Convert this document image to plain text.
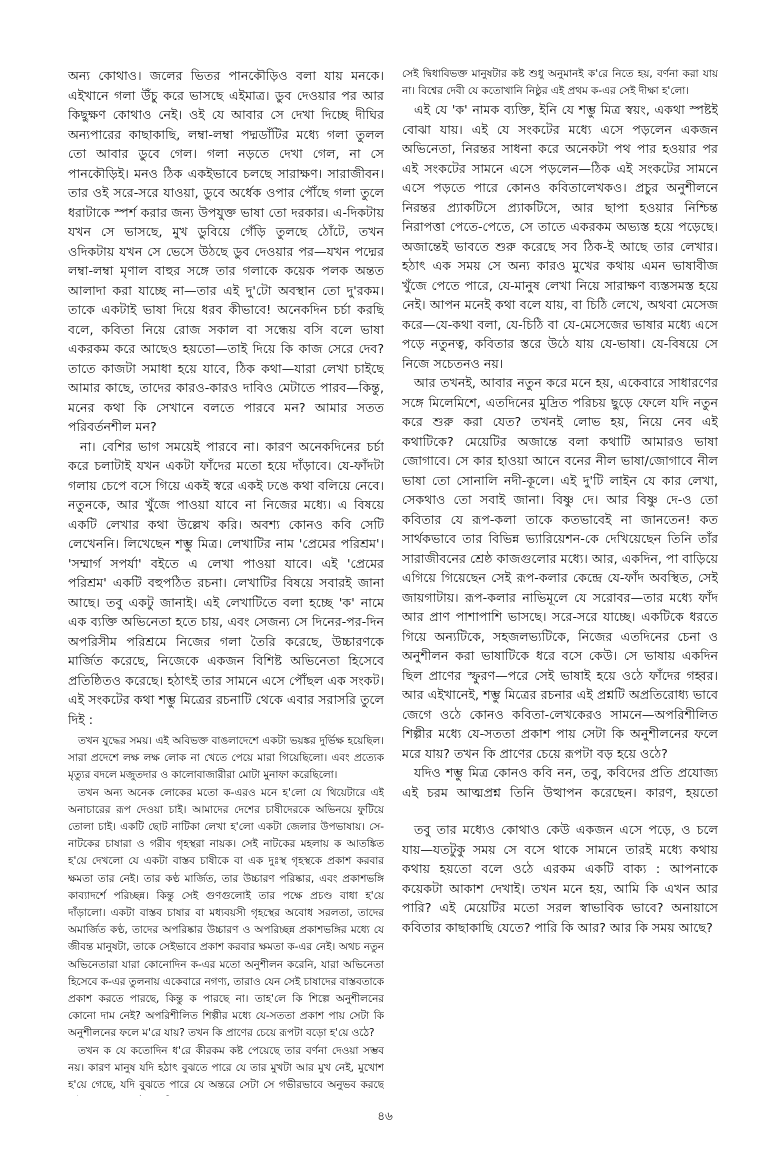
অন্য কোথাও। জলের ভিতর পানকৌড়িও বলা যায় মনকে। এইখানে গলা উঁচু করে ভাসছে এইমাত্র। ডুব দেওয়ার পর আর কিছুক্ষণ কোথাও নেই। ওই যে আবার সে দেখা দিচ্ছে দীঘির অন্যপারের কাছাকাছি, লম্বা-লম্বা পদ্মডাঁটির মধ্যে গলা তুলল তো আবার ডুবে গেল। গলা নড়তে দেখা গেল, না সে পানকৌড়িই। মনও ঠিক একইভাবে চলছে সারাক্ষণ। সারাজীবন। তার ওই সরে-সরে যাওয়া, ডুবে অর্ধেক ওপার পৌঁছে গলা তুলে ধরাটাকে স্পর্শ করার জন্য উপযুক্ত ভাষা তো দরকার। এ-দিকটায় যখন সে ভাসছে, মুখ ডুবিয়ে গেঁড়ি তুলছে ঠোঁটে, তখন ওদিকটায় যখন সে ভেসে উঠছে ডুব দেওয়ার পর—যখন পদ্মের লম্বা-লম্বা মৃণাল বাহুর সঙ্গে তার গলাকে কয়েক পলক অন্তত আলাদা করা যাচ্ছে না—তার এই দু'টো অবস্থান তো দু'রকম। তাকে একটাই ভাষা দিয়ে ধরব কীভাবে! অনেকদিন চর্চা করছি বলে, কবিতা নিয়ে রোজ সকাল বা সন্ধেয় বসি বলে ভাষা একরকম করে আছেও হয়তো—তাই দিয়ে কি কাজ সেরে দেব? তাতে কাজটা সমাধা হয়ে যাবে, ঠিক কথা—যারা লেখা চাইছে আমার কাছে, তাদের কারও-কারও দাবিও মেটাতে পারব—কিন্তু, মনের কথা কি সেখানে বলতে পারবে মন? আমার সতত পরিবর্তনশীল মন?

না। বেশির ভাগ সময়েই পারবে না। কারণ অনেকদিনের চর্চা করে চলাটাই যখন একটা ফাঁদের মতো হয়ে দাঁড়াবে। যে-ফাঁদটা গলায় চেপে বসে গিয়ে একই স্বরে একই ঢঙে কথা বলিয়ে নেবে। নতুনকে, আর খুঁজে পাওয়া যাবে না নিজের মধ্যে। এ বিষয়ে একটি লেখার কথা উল্লেখ করি। অবশ্য কোনও কবি সেটি লেখেননি। লিখেছেন শম্ভু মিত্র। লেখাটির নাম 'প্রেমের পরিশ্রম'। 'সম্মার্গ সপর্যা' বইতে এ লেখা পাওয়া যাবে। এই 'প্রেমের পরিশ্রম' একটি বহুপঠিত রচনা। লেখাটির বিষয়ে সবারই জানা আছে। তবু একটু জানাই। এই লেখাটিতে বলা হচ্ছে 'ক' নামে এক ব্যক্তি অভিনেতা হতে চায়, এবং সেজন্য সে দিনের-পর-দিন অপরিসীম পরিশ্রমে নিজের গলা তৈরি করেছে, উচ্চারণকে মার্জিত করেছে, নিজেকে একজন বিশিষ্ট অভিনেতা হিসেবে প্রতিষ্ঠিতও করেছে। হঠাৎই তার সামনে এসে পৌঁছল এক সংকট। এই সংকটের কথা শম্ভু মিত্রের রচনাটি থেকে এবার সরাসরি তুলে দিই :

তখন যুদ্ধের সময়। এই অবিভক্ত বাঙলাদেশে একটা ভয়ঙ্কর দুর্ভিক্ষ হয়েছিল। সারা প্রদেশে লক্ষ লক্ষ লোক না খেতে পেয়ে মারা গিয়েছিলো। এবং প্রত্যেক মৃত্যুর বদলে মজুতদার ও কালোবাজারীরা মোটা মুনাফা করেছিলো।

তখন অন্য অনেক লোকের মতো ক-এরও মনে হ'লো যে থিয়েটারে এই অনাচারের রূপ দেওয়া চাই। আমাদের দেশের চাষীদেরকে অভিনয়ে ফুটিয়ে তোলা চাই। একটি ছোট নাটিকা লেখা হ'লো একটা জেলার উপভাষায়। সে-নাটকের চাষারা ও গরীব গৃহস্থরা নায়ক। সেই নাটকের মহলায় ক আতঙ্কিত হ'য়ে দেখলো যে একটা বাস্তব চাষীকে বা এক দুঃস্থ গৃহস্থকে প্রকাশ করবার ক্ষমতা তার নেই। তার কণ্ঠ মার্জিত, তার উচ্চারণ পরিষ্কার, এবং প্রকাশভঙ্গি কাব্যাদর্শে পরিচ্ছন্ন। কিন্তু সেই গুণগুলোই তার পক্ষে প্রচণ্ড বাধা হ'য়ে দাঁড়ালো। একটা বাস্তব চাষার বা মধ্যবয়সী গৃহস্থের অবোধ সরলতা, তাদের অমার্জিত কণ্ঠ, তাদের অপরিষ্কার উচ্চারণ ও অপরিচ্ছন্ন প্রকাশভঙ্গির মধ্যে যে জীবন্ত মানুষটা, তাকে সেইভাবে প্রকাশ করবার ক্ষমতা ক-এর নেই। অথচ নতুন অভিনেতারা যারা কোনোদিন ক-এর মতো অনুশীলন করেনি, যারা অভিনেতা হিসেবে ক-এর তুলনায় একেবারে নগণ্য, তারাও যেন সেই চাষাদের বাস্তবতাকে প্রকাশ করতে পারছে, কিন্তু ক পারছে না। তাহ'লে কি শিল্পে অনুশীলনের কোনো দাম নেই? অপরিশীলিত শিল্পীর মধ্যে যে-সততা প্রকাশ পায় সেটা কি অনুশীলনের ফলে ম'রে যায়? তখন কি প্রাণের চেয়ে রূপটা বড়ো হ'য়ে ওঠে?

তখন ক যে কতোদিন ধ'রে কীরকম কষ্ট পেয়েছে তার বর্ণনা দেওয়া সম্ভব নয়। কারণ মানুষ যদি হঠাৎ বুঝতে পারে যে তার মুখটা আর মুখ নেই, মুখোশ হ'য়ে গেছে, যদি বুঝতে পারে যে অন্তরে সেটা সে গভীরভাবে অনুভব করছে

সেই দ্বিধাবিভক্ত মানুষটার কষ্ট শুধু অনুমানই ক'রে নিতে হয়, বর্ণনা করা যায় না। বিশ্বের দেবী যে কতোখানি নিষ্ঠুর এই প্রথম ক-এর সেই দীক্ষা হ'লো।

এই যে 'ক' নামক ব্যক্তি, ইনি যে শম্ভু মিত্র স্বয়ং, একথা স্পষ্টই বোঝা যায়। এই যে সংকটের মধ্যে এসে পড়লেন একজন অভিনেতা, নিরন্তর সাধনা করে অনেকটা পথ পার হওয়ার পর এই সংকটের সামনে এসে পড়লেন—ঠিক এই সংকটের সামনে এসে পড়তে পারে কোনও কবিতালেখকও। প্রচুর অনুশীলনে নিরন্তর প্র্যাকটিসে প্র্যাকটিসে, আর ছাপা হওয়ার নিশ্চিন্ত নিরাপত্তা পেতে-পেতে, সে তাতে একরকম অভ্যস্ত হয়ে পড়েছে। অজান্তেই ভাবতে শুরু করেছে সব ঠিক-ই আছে তার লেখার। হঠাৎ এক সময় সে অন্য কারও মুখের কথায় এমন ভাষাবীজ খুঁজে পেতে পারে, যে-মানুষ লেখা নিয়ে সারাক্ষণ ব্যস্তসমস্ত হয়ে নেই। আপন মনেই কথা বলে যায়, বা চিঠি লেখে, অথবা মেসেজ করে—যে-কথা বলা, যে-চিঠি বা যে-মেসেজের ভাষার মধ্যে এসে পড়ে নতুনত্ব, কবিতার স্তরে উঠে যায় যে-ভাষা। যে-বিষয়ে সে নিজে সচেতনও নয়।

আর তখনই, আবার নতুন করে মনে হয়, একেবারে সাধারণের সঙ্গে মিলেমিশে, এতদিনের মুদ্রিত পরিচয় ছুড়ে ফেলে যদি নতুন করে শুরু করা যেত? তখনই লোভ হয়, নিয়ে নেব এই কথাটিকে? মেয়েটির অজান্তে বলা কথাটি আমারও ভাষা জোগাবে। সে কার হাওয়া আনে বনের নীল ভাষা/জোগাবে নীল ভাষা তো সোনালি নদী-কূলে। এই দু'টি লাইন যে কার লেখা, সেকথাও তো সবাই জানা। বিষ্ণু দে। আর বিষ্ণু দে-ও তো কবিতার যে রূপ-কলা তাকে কতভাবেই না জানতেন! কত সার্থকভাবে তার বিভিন্ন ভ্যারিয়েশন-কে দেখিয়েছেন তিনি তাঁর সারাজীবনের শ্রেষ্ঠ কাজগুলোর মধ্যে। আর, একদিন, পা বাড়িয়ে এগিয়ে গিয়েছেন সেই রূপ-কলার কেন্দ্রে যে-ফাঁদ অবস্থিত, সেই জায়গাটায়। রূপ-কলার নাভিমূলে যে সরোবর—তার মধ্যে ফাঁদ আর প্রাণ পাশাপাশি ভাসছে। সরে-সরে যাচ্ছে। একটিকে ধরতে গিয়ে অন্যটিকে, সহজলভ্যটিকে, নিজের এতদিনের চেনা ও অনুশীলন করা ভাষাটিকে ধরে বসে কেউ। সে ভাষায় একদিন ছিল প্রাণের স্ফুরণ—পরে সেই ভাষাই হয়ে ওঠে ফাঁদের গহ্বর। আর এইখানেই, শম্ভু মিত্রের রচনার এই প্রশ্নটি অপ্রতিরোধ্য ভাবে জেগে ওঠে কোনও কবিতা-লেখকেরও সামনে—অপরিশীলিত শিল্পীর মধ্যে যে-সততা প্রকাশ পায় সেটা কি অনুশীলনের ফলে মরে যায়? তখন কি প্রাণের চেয়ে রূপটা বড় হয়ে ওঠে?

যদিও শম্ভু মিত্র কোনও কবি নন, তবু, কবিদের প্রতি প্রযোজ্য এই চরম আত্মপ্রশ্ন তিনি উত্থাপন করেছেন। কারণ, হয়তো

তবু তার মধ্যেও কোথাও কেউ একজন এসে পড়ে, ও চলে যায়—যতটুকু সময় সে বসে থাকে সামনে তারই মধ্যে কথায় কথায় হয়তো বলে ওঠে এরকম একটি বাক্য : আপনাকে কয়েকটা আকাশ দেখাই। তখন মনে হয়, আমি কি এখন আর পারি? এই মেয়েটির মতো সরল স্বাভাবিক ভাবে? অনায়াসে কবিতার কাছাকাছি যেতে? পারি কি আর? আর কি সময় আছে?

৪৬
